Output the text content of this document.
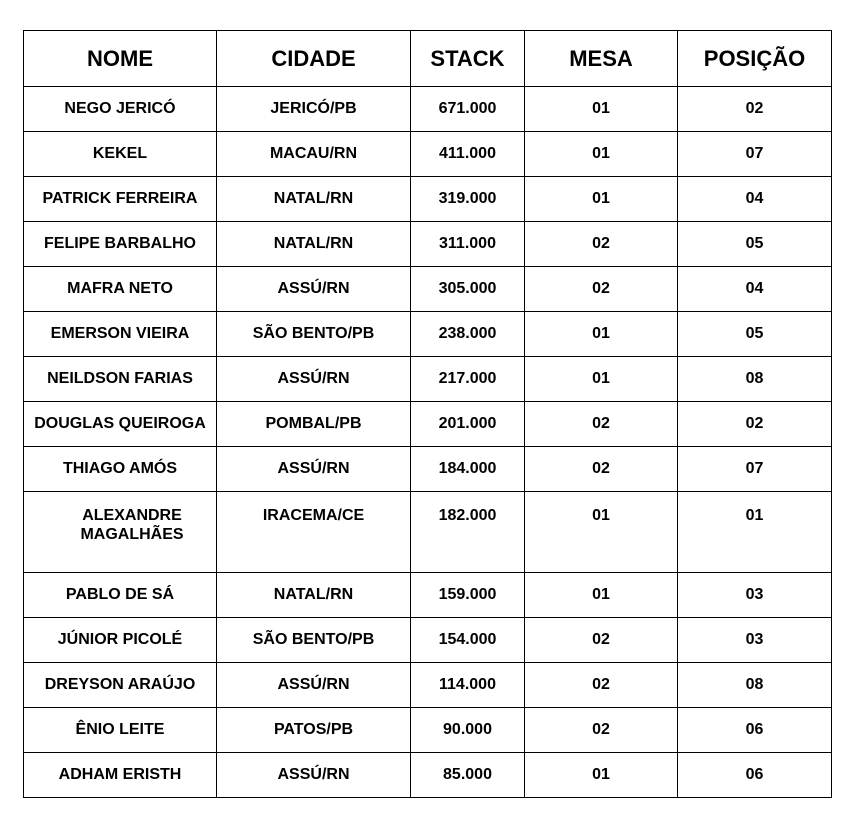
NOME	CIDADE	STACK	MESA	POSIÇÃO
NEGO JERICÓ	JERICÓ/PB	671.000	01	02
KEKEL	MACAU/RN	411.000	01	07
PATRICK FERREIRA	NATAL/RN	319.000	01	04
FELIPE BARBALHO	NATAL/RN	311.000	02	05
MAFRA NETO	ASSÚ/RN	305.000	02	04
EMERSON VIEIRA	SÃO BENTO/PB	238.000	01	05
NEILDSON FARIAS	ASSÚ/RN	217.000	01	08
DOUGLAS QUEIROGA	POMBAL/PB	201.000	02	02
THIAGO AMÓS	ASSÚ/RN	184.000	02	07
ALEXANDRE MAGALHÃES	IRACEMA/CE	182.000	01	01
PABLO DE SÁ	NATAL/RN	159.000	01	03
JÚNIOR PICOLÉ	SÃO BENTO/PB	154.000	02	03
DREYSON ARAÚJO	ASSÚ/RN	114.000	02	08
ÊNIO LEITE	PATOS/PB	90.000	02	06
ADHAM ERISTH	ASSÚ/RN	85.000	01	06
